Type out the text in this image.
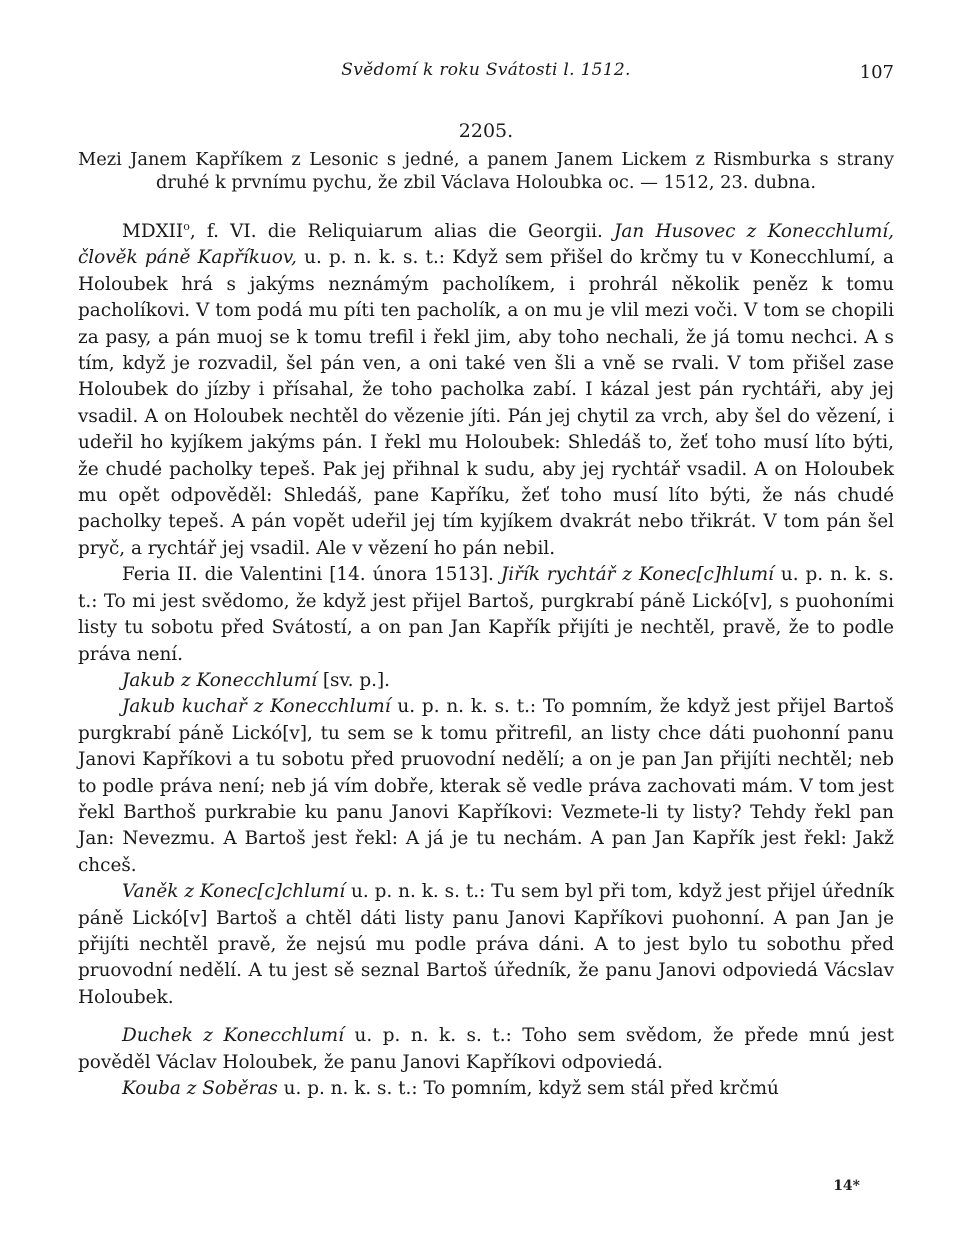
Svědomí k roku Svátosti l. 1512.	107
2205.

Mezi Janem Kapříkem z Lesonic s jedné, a panem Janem Lickem z Rismburka s strany druhé k prvnímu pychu, že zbil Václava Holoubka oc. — 1512, 23. dubna.

MDXII$^o$, f. VI. die Reliquiarum alias die Georgii. Jan Husovec z Konecchlumí, člověk páně Kapříkuov, u. p. n. k. s. t.: Když sem přišel do krčmy tu v Konecchlumí, a Holoubek hrá s jakýms neznámým pacholíkem, i prohrál několik peněz k tomu pacholíkovi. V tom podá mu píti ten pacholík, a on mu je vlil mezi voči. V tom se chopili za pasy, a pán muoj se k tomu trefil i řekl jim, aby toho nechali, že já tomu nechci. A s tím, když je rozvadil, šel pán ven, a oni také ven šli a vně se rvali. V tom přišel zase Holoubek do jízby i přísahal, že toho pacholka zabí. I kázal jest pán rychtáři, aby jej vsadil. A on Holoubek nechtěl do vězenie jíti. Pán jej chytil za vrch, aby šel do vězení, i udeřil ho kyjíkem jakýms pán. I řekl mu Holoubek: Shledáš to, žeť toho musí líto býti, že chudé pacholky tepeš. Pak jej přihnal k sudu, aby jej rychtář vsadil. A on Holoubek mu opět odpověděl: Shledáš, pane Kapříku, žeť toho musí líto býti, že nás chudé pacholky tepeš. A pán vopět udeřil jej tím kyjíkem dvakrát nebo třikrát. V tom pán šel pryč, a rychtář jej vsadil. Ale v vězení ho pán nebil.

Feria II. die Valentini [14. února 1513]. Jiřík rychtář z Konec[c]hlumí u. p. n. k. s. t.: To mi jest svědomo, že když jest přijel Bartoš, purgkrabí páně Lickó[v], s puohoními listy tu sobotu před Svátostí, a on pan Jan Kapřík přijíti je nechtěl, pravě, že to podle práva není.

Jakub z Konecchlumí [sv. p.].

Jakub kuchař z Konecchlumí u. p. n. k. s. t.: To pomním, že když jest přijel Bartoš purgkrabí páně Lickó[v], tu sem se k tomu přitrefil, an listy chce dáti puohonní panu Janovi Kapříkovi a tu sobotu před pruovodní nedělí; a on je pan Jan přijíti nechtěl; neb to podle práva není; neb já vím dobře, kterak sě vedle práva zachovati mám. V tom jest řekl Barthoš purkrabie ku panu Janovi Kapříkovi: Vezmete-li ty listy? Tehdy řekl pan Jan: Nevezmu. A Bartoš jest řekl: A já je tu nechám. A pan Jan Kapřík jest řekl: Jakž chceš.

Vaněk z Konec[c]chlumí u. p. n. k. s. t.: Tu sem byl při tom, když jest přijel úředník páně Lickó[v] Bartoš a chtěl dáti listy panu Janovi Kapříkovi puohonní. A pan Jan je přijíti nechtěl pravě, že nejsú mu podle práva dáni. A to jest bylo tu sobothu před pruovodní nedělí. A tu jest sě seznal Bartoš úředník, že panu Janovi odpoviedá Vácslav Holoubek.

Duchek z Konecchlumí u. p. n. k. s. t.: Toho sem svědom, že přede mnú jest pověděl Václav Holoubek, že panu Janovi Kapříkovi odpoviedá.

Kouba z Soběras u. p. n. k. s. t.: To pomním, když sem stál před krčmú

14*
